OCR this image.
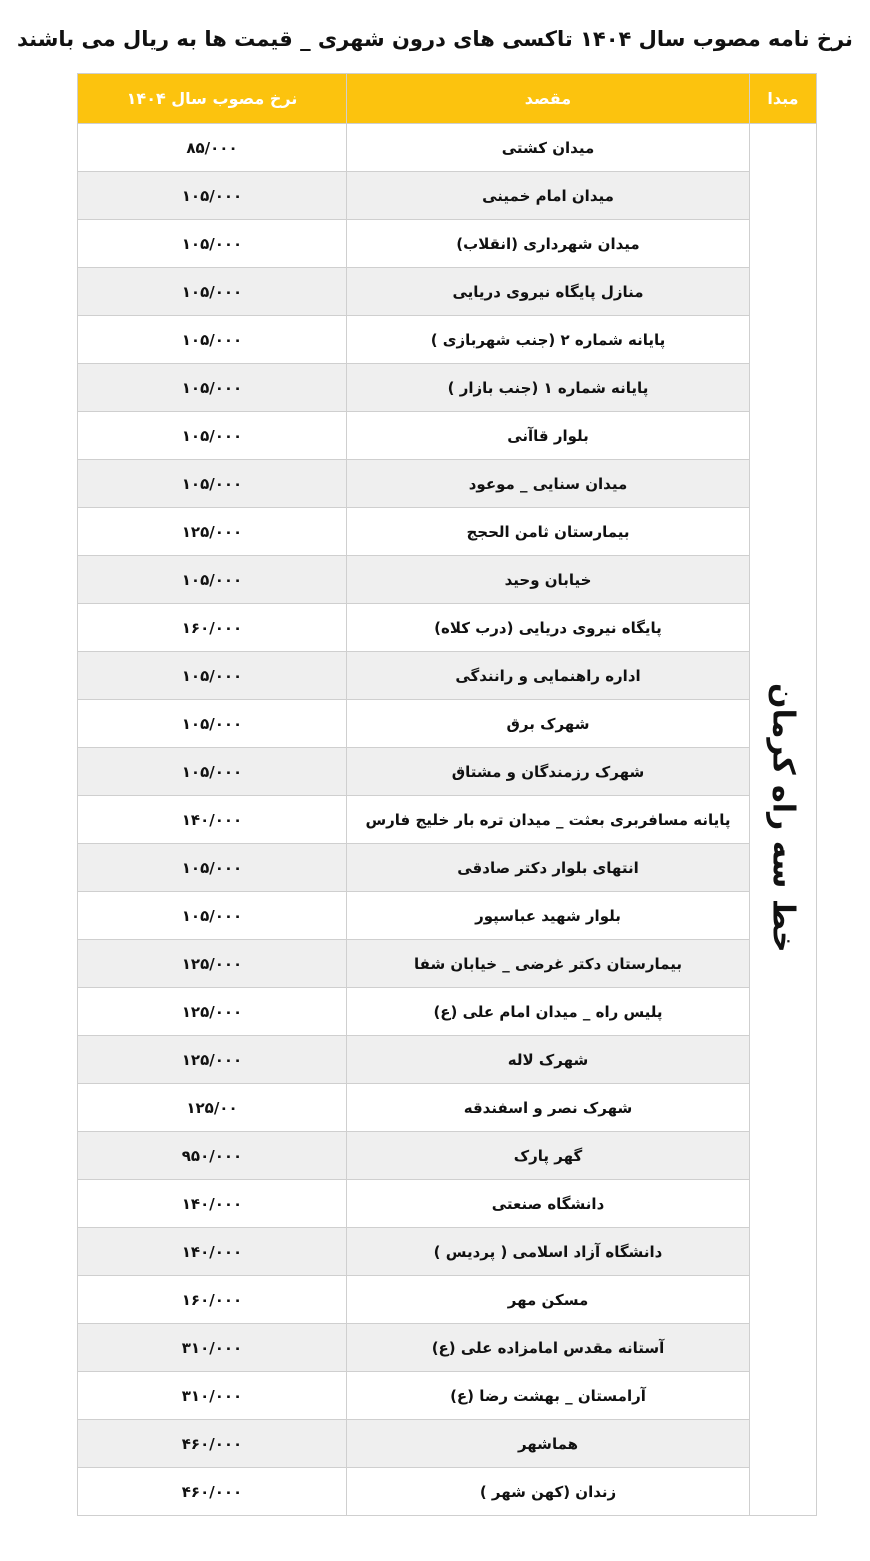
نرخ نامه مصوب سال ۱۴۰۴ تاکسی های درون شهری _ قیمت ها به ریال می باشند
مبدا	مقصد	نرخ مصوب سال ۱۴۰۴
خط سه راه کرمان	میدان کشتی	۸۵/۰۰۰
	میدان امام خمینی	۱۰۵/۰۰۰
	میدان شهرداری (انقلاب)	۱۰۵/۰۰۰
	منازل پایگاه نیروی دریایی	۱۰۵/۰۰۰
	پایانه شماره ۲ (جنب شهربازی )	۱۰۵/۰۰۰
	پایانه شماره ۱ (جنب بازار )	۱۰۵/۰۰۰
	بلوار قاآنی	۱۰۵/۰۰۰
	میدان سنایی _ موعود	۱۰۵/۰۰۰
	بیمارستان ثامن الحجج	۱۲۵/۰۰۰
	خیابان وحید	۱۰۵/۰۰۰
	پایگاه نیروی دریایی (درب کلاه)	۱۶۰/۰۰۰
	اداره راهنمایی و رانندگی	۱۰۵/۰۰۰
	شهرک برق	۱۰۵/۰۰۰
	شهرک رزمندگان و مشتاق	۱۰۵/۰۰۰
	پایانه مسافربری بعثت _ میدان تره بار خلیج فارس	۱۴۰/۰۰۰
	انتهای بلوار دکتر صادقی	۱۰۵/۰۰۰
	بلوار شهید عباسپور	۱۰۵/۰۰۰
	بیمارستان دکتر غرضی _ خیابان شفا	۱۲۵/۰۰۰
	پلیس راه _ میدان امام علی (ع)	۱۲۵/۰۰۰
	شهرک لاله	۱۲۵/۰۰۰
	شهرک نصر و اسفندقه	۱۲۵/۰۰
	گهر پارک	۹۵۰/۰۰۰
	دانشگاه صنعتی	۱۴۰/۰۰۰
	دانشگاه آزاد اسلامی ( پردیس )	۱۴۰/۰۰۰
	مسکن مهر	۱۶۰/۰۰۰
	آستانه مقدس امامزاده علی (ع)	۳۱۰/۰۰۰
	آرامستان _ بهشت رضا (ع)	۳۱۰/۰۰۰
	هماشهر	۴۶۰/۰۰۰
	زندان (کهن شهر )	۴۶۰/۰۰۰
